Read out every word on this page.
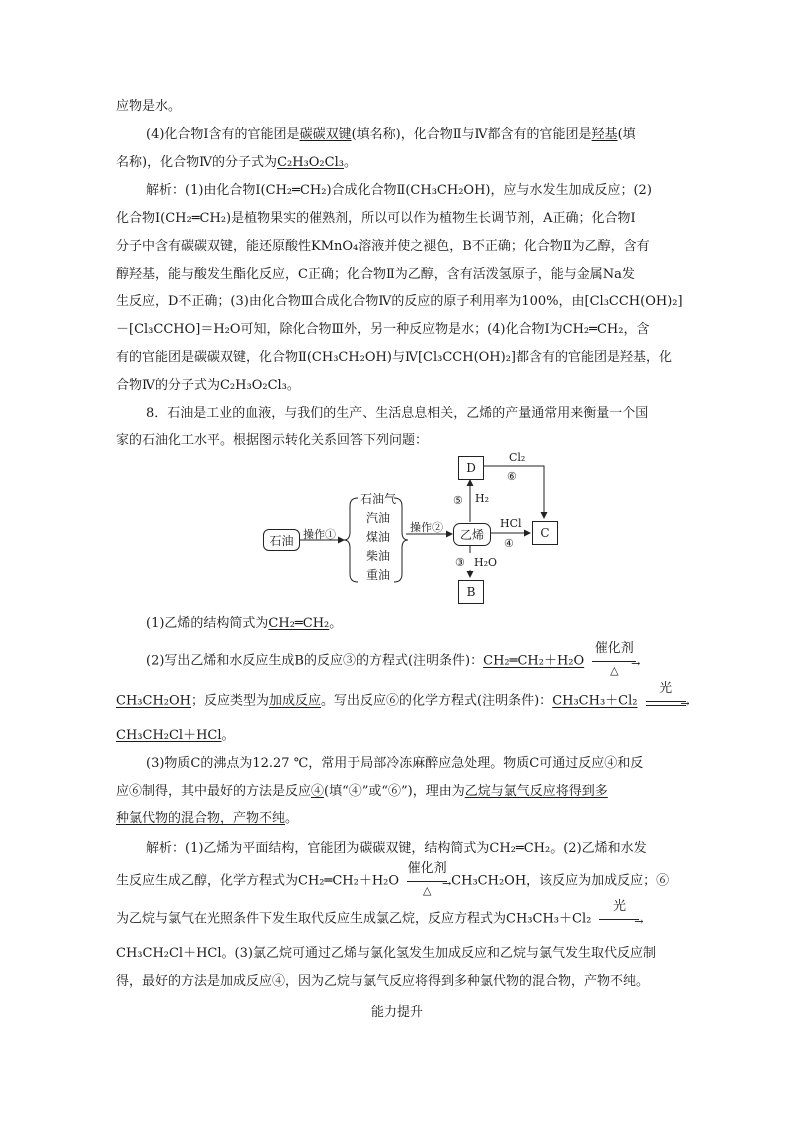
应物是水。
(4)化合物Ⅰ含有的官能团是碳碳双键(填名称)，化合物Ⅱ与Ⅳ都含有的官能团是羟基(填
名称)，化合物Ⅳ的分子式为C₂H₃O₂Cl₃。
解析：(1)由化合物Ⅰ(CH₂═CH₂)合成化合物Ⅱ(CH₃CH₂OH)，应与水发生加成反应；(2)
化合物Ⅰ(CH₂═CH₂)是植物果实的催熟剂，所以可以作为植物生长调节剂，A正确；化合物Ⅰ
分子中含有碳碳双键，能还原酸性KMnO₄溶液并使之褪色，B不正确；化合物Ⅱ为乙醇，含有
醇羟基，能与酸发生酯化反应，C正确；化合物Ⅱ为乙醇，含有活泼氢原子，能与金属Na发
生反应，D不正确；(3)由化合物Ⅲ合成化合物Ⅳ的反应的原子利用率为100%，由[Cl₃CCH(OH)₂]
－[Cl₃CCHO]＝H₂O可知，除化合物Ⅲ外，另一种反应物是水；(4)化合物Ⅰ为CH₂═CH₂，含
有的官能团是碳碳双键，化合物Ⅱ(CH₃CH₂OH)与Ⅳ[Cl₃CCH(OH)₂]都含有的官能团是羟基，化
合物Ⅳ的分子式为C₂H₃O₂Cl₃。
8．石油是工业的血液，与我们的生产、生活息息相关，乙烯的产量通常用来衡量一个国
家的石油化工水平。根据图示转化关系回答下列问题：
石油 操作①
石油气
汽油
煤油
柴油
重油
操作②
乙烯
D
B
C
Cl₂
⑥
⑤ H₂
HCl
④
③ H₂O
(1)乙烯的结构简式为CH₂═CH₂。
(2)写出乙烯和水反应生成B的反应③的方程式(注明条件)：CH₂═CH₂＋H₂O
催化剂
△
→
CH₃CH₂OH；反应类型为加成反应。写出反应⑥的化学方程式(注明条件)：CH₃CH₃＋Cl₂
光
→
CH₃CH₂Cl＋HCl。
(3)物质C的沸点为12.27 ℃，常用于局部冷冻麻醉应急处理。物质C可通过反应④和反
应⑥制得，其中最好的方法是反应④(填“④”或“⑥”)，理由为乙烷与氯气反应将得到多
种氯代物的混合物，产物不纯。
解析：(1)乙烯为平面结构，官能团为碳碳双键，结构简式为CH₂═CH₂。(2)乙烯和水发
生反应生成乙醇，化学方程式为CH₂═CH₂＋H₂O
催化剂
△
→ CH₃CH₂OH，该反应为加成反应；⑥
为乙烷与氯气在光照条件下发生取代反应生成氯乙烷，反应方程式为CH₃CH₃＋Cl₂
光
→
CH₃CH₂Cl＋HCl。(3)氯乙烷可通过乙烯与氯化氢发生加成反应和乙烷与氯气发生取代反应制
得，最好的方法是加成反应④，因为乙烷与氯气反应将得到多种氯代物的混合物，产物不纯。
能力提升
